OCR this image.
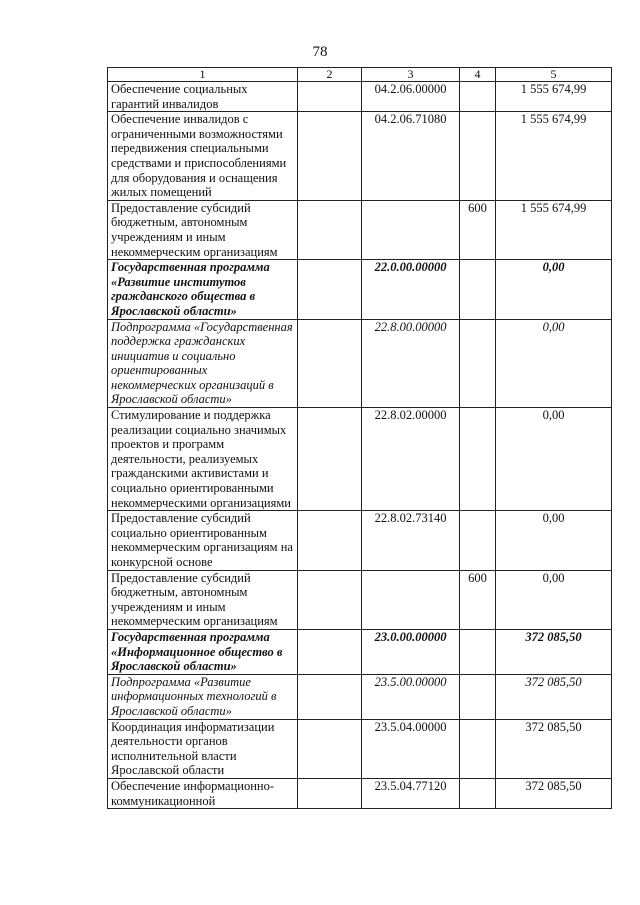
78
1	2	3	4	5
Обеспечение социальных гарантий инвалидов		04.2.06.00000		1 555 674,99
Обеспечение инвалидов с ограниченными возможностями передвижения специальными средствами и приспособлениями для оборудования и оснащения жилых помещений		04.2.06.71080		1 555 674,99
Предоставление субсидий бюджетным, автономным учреждениям и иным некоммерческим организациям			600	1 555 674,99
Государственная программа «Развитие институтов гражданского общества в Ярославской области»		22.0.00.00000		0,00
Подпрограмма «Государственная поддержка гражданских инициатив и социально ориентированных некоммерческих организаций в Ярославской области»		22.8.00.00000		0,00
Стимулирование и поддержка реализации социально значимых проектов и программ деятельности, реализуемых гражданскими активистами и социально ориентированными некоммерческими организациями		22.8.02.00000		0,00
Предоставление субсидий социально ориентированным некоммерческим организациям на конкурсной основе		22.8.02.73140		0,00
Предоставление субсидий бюджетным, автономным учреждениям и иным некоммерческим организациям			600	0,00
Государственная программа «Информационное общество в Ярославской области»		23.0.00.00000		372 085,50
Подпрограмма «Развитие информационных технологий в Ярославской области»		23.5.00.00000		372 085,50
Координация информатизации деятельности органов исполнительной власти Ярославской области		23.5.04.00000		372 085,50
Обеспечение информационно-коммуникационной		23.5.04.77120		372 085,50
